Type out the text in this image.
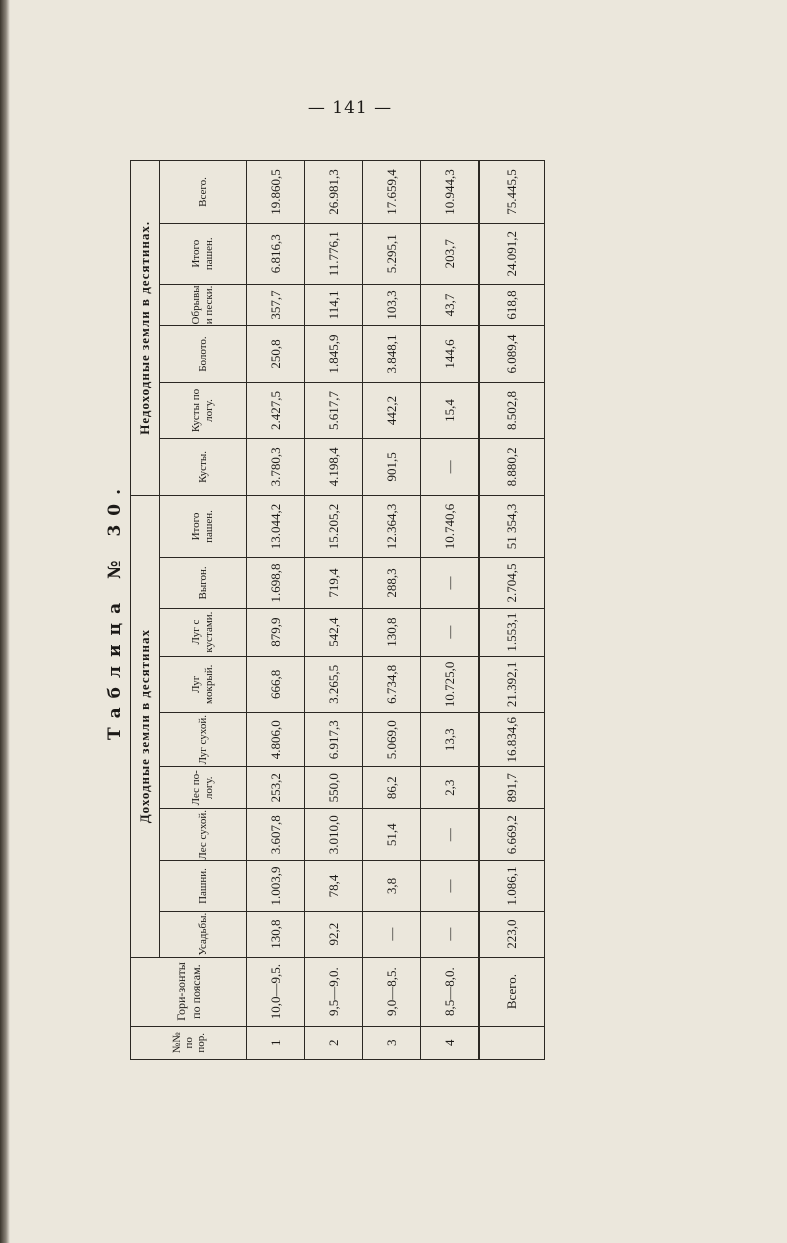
— 141 —
Таблица № 30.
№№ по пор.	Гори-зонты по поясам.	Доходные земли в десятинах									Недоходные земли в десятинах.					
		Усадьбы.	Пашни.	Лес сухой.	Лес по-логу.	Луг сухой.	Луг мокрый.	Луг с кустами.	Выгон.	Итого пашен.	Кусты.	Кусты по логу.	Болото.	Обрывы и пески.	Итого пашен.	Всего.
1	10,0—9,5.	130,8	1.003,9	3.607,8	253,2	4.806,0	666,8	879,9	1.698,8	13.044,2	3.780,3	2.427,5	250,8	357,7	6.816,3	19.860,5
2	9,5—9,0.	92,2	78,4	3.010,0	550,0	6.917,3	3.265,5	542,4	719,4	15.205,2	4.198,4	5.617,7	1.845,9	114,1	11.776,1	26.981,3
3	9,0—8,5.	—	3,8	51,4	86,2	5.069,0	6.734,8	130,8	288,3	12.364,3	901,5	442,2	3.848,1	103,3	5.295,1	17.659,4
4	8,5—8,0.	—	—	—	2,3	13,3	10.725,0	—	—	10.740,6	—	15,4	144,6	43,7	203,7	10.944,3
	Всего.	223,0	1.086,1	6.669,2	891,7	16.834,6	21.392,1	1.553,1	2.704,5	51 354,3	8.880,2	8.502,8	6.089,4	618,8	24.091,2	75.445,5
